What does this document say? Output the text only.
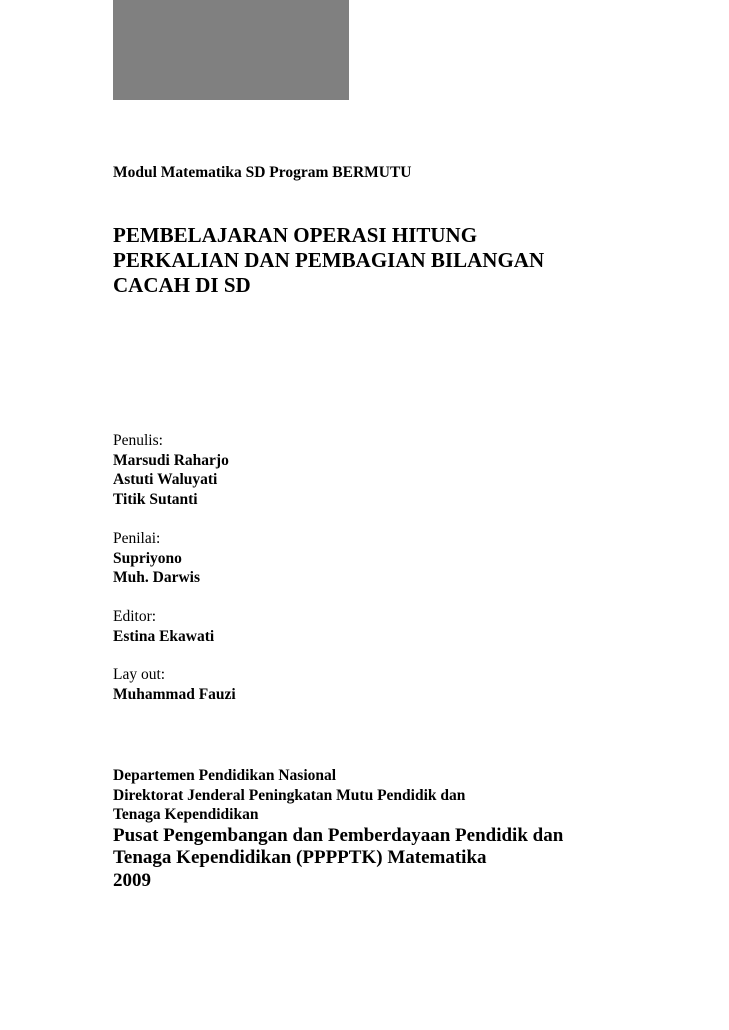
Modul Matematika SD Program BERMUTU
PEMBELAJARAN OPERASI HITUNG
PERKALIAN DAN PEMBAGIAN BILANGAN
CACAH DI SD
Penulis:
Marsudi Raharjo
Astuti Waluyati
Titik Sutanti
Penilai:
Supriyono
Muh. Darwis
Editor:
Estina Ekawati
Lay out:
Muhammad Fauzi
Departemen Pendidikan Nasional
Direktorat Jenderal Peningkatan Mutu Pendidik dan
Tenaga Kependidikan
Pusat Pengembangan dan Pemberdayaan Pendidik dan
Tenaga Kependidikan (PPPPTK) Matematika
2009
